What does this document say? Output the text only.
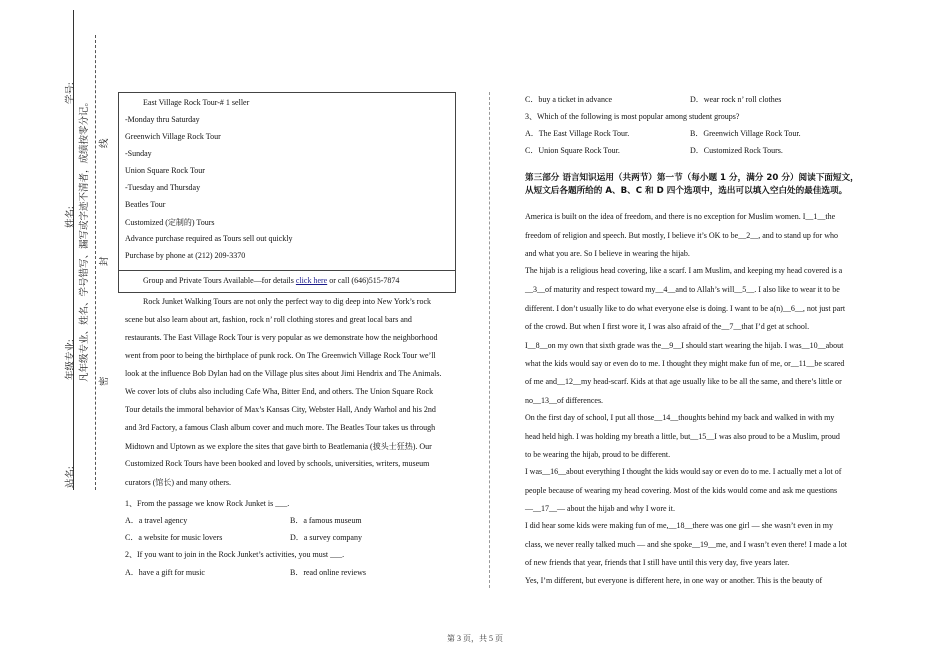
学号:
姓名:
年级专业:
站名:
凡年级专业、姓名、学号错写、漏写或字迹不清者，成绩按零分记。	线
封
密
East Village Rock Tour-# 1 seller
-Monday thru Saturday
Greenwich Village Rock Tour
-Sunday
Union Square Rock Tour
-Tuesday and Thursday
Beatles Tour
Customized (定制的) Tours
Advance purchase required as Tours sell out quickly
Purchase by phone at (212) 209-3370
Group and Private Tours Available—for details click here or call (646)515-7874
Rock Junket Walking Tours are not only the perfect way to dig deep into New York’s rock
scene but also learn about art, fashion, rock n’ roll clothing stores and great local bars and
restaurants. The East Village Rock Tour is very popular as we demonstrate how the neighborhood
went from poor to being the birthplace of punk rock. On The Greenwich Village Rock Tour we’ll
look at the influence Bob Dylan had on the Village plus sites about Jimi Hendrix and The Animals.
We cover lots of clubs also including Cafe Wha, Bitter End, and others. The Union Square Rock
Tour details the immoral behavior of Max’s Kansas City, Webster Hall, Andy Warhol and his 2nd
and 3rd Factory, a famous Clash album cover and much more. The Beatles Tour takes us through
Midtown and Uptown as we explore the sites that gave birth to Beatlemania (披头士狂热). Our
Customized Rock Tours have been booked and loved by schools, universities, writers, museum
curators (馆长) and many others.
1、From the passage we know Rock Junket is ___.
A．a travel agency	B．a famous museum
C．a website for music lovers	D．a survey company
2、If you want to join in the Rock Junket’s activities, you must ___.
A．have a gift for music	B．read online reviews
C．buy a ticket in advance	D．wear rock n’ roll clothes
3、Which of the following is most popular among student groups?
A．The East Village Rock Tour.	B．Greenwich Village Rock Tour.
C．Union Square Rock Tour.	D．Customized Rock Tours.
第三部分 语言知识运用（共两节）第一节（每小题 1 分，满分 20 分）阅读下面短文，从短文后各题所给的 A、B、C 和 D 四个选项中，选出可以填入空白处的最佳选项。
America is built on the idea of freedom, and there is no exception for Muslim women. I__1__the
freedom of religion and speech. But mostly, I believe it’s OK to be__2__, and to stand up for who
and what you are. So I believe in wearing the hijab.
The hijab is a religious head covering, like a scarf. I am Muslim, and keeping my head covered is a
__3__of maturity and respect toward my__4__and to Allah’s will__5__. I also like to wear it to be
different. I don’t usually like to do what everyone else is doing. I want to be a(n)__6__, not just part
of the crowd. But when I first wore it, I was also afraid of the__7__that I’d get at school.
I__8__on my own that sixth grade was the__9__I should start wearing the hijab. I was__10__about
what the kids would say or even do to me. I thought they might make fun of me, or__11__be scared
of me and__12__my head-scarf. Kids at that age usually like to be all the same, and there’s little or
no__13__of differences.
On the first day of school, I put all those__14__thoughts behind my back and walked in with my
head held high. I was holding my breath a little, but__15__I was also proud to be a Muslim, proud
to be wearing the hijab, proud to be different.
I was__16__about everything I thought the kids would say or even do to me. I actually met a lot of
people because of wearing my head covering. Most of the kids would come and ask me questions
—__17__— about the hijab and why I wore it.
I did hear some kids were making fun of me,__18__there was one girl — she wasn’t even in my
class, we never really talked much — and she spoke__19__me, and I wasn’t even there! I made a lot
of new friends that year, friends that I still have until this very day, five years later.
Yes, I’m different, but everyone is different here, in one way or another. This is the beauty of
第 3 页，共 5 页
